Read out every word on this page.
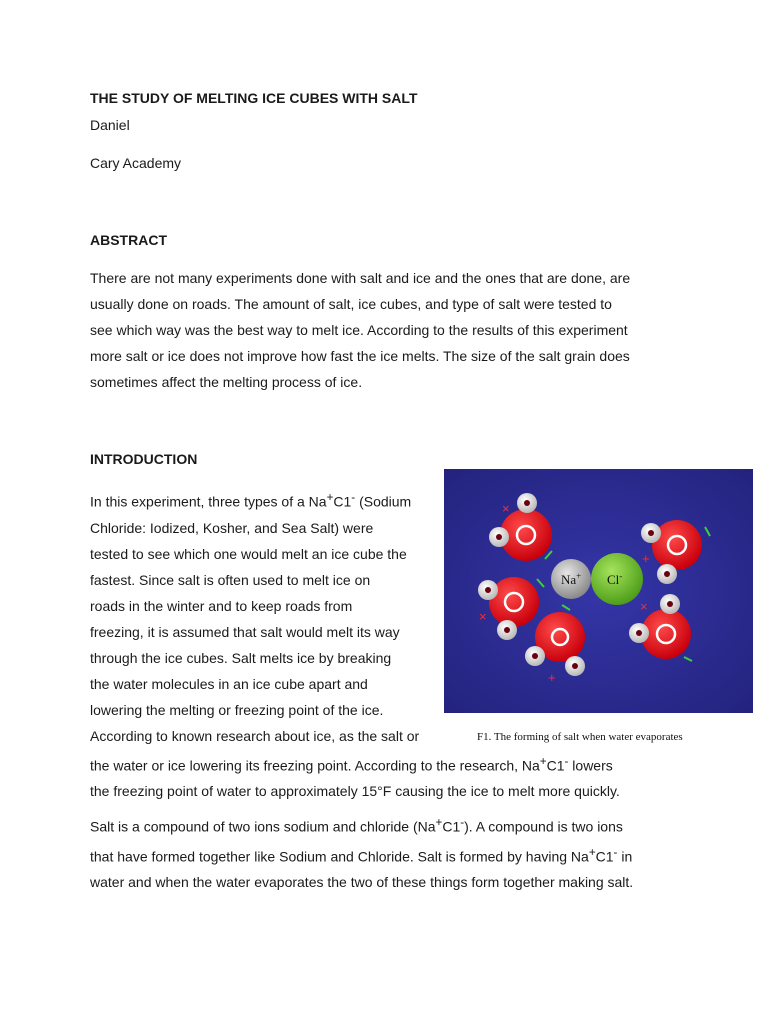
THE STUDY OF MELTING ICE CUBES WITH SALT
Daniel
Cary Academy
ABSTRACT
There are not many experiments done with salt and ice and the ones that are done, are
usually done on roads. The amount of salt, ice cubes, and type of salt were tested to
see which way was the best way to melt ice. According to the results of this experiment
more salt or ice does not improve how fast the ice melts. The size of the salt grain does
sometimes affect the melting process of ice.
INTRODUCTION
In this experiment, three types of a Na+C1- (Sodium
Chloride: Iodized, Kosher, and Sea Salt) were
tested to see which one would melt an ice cube the
fastest. Since salt is often used to melt ice on
roads in the winter and to keep roads from
freezing, it is assumed that salt would melt its way
through the ice cubes. Salt melts ice by breaking
the water molecules in an ice cube apart and
lowering the melting or freezing point of the ice.
According to known research about ice, as the salt or
the water or ice lowering its freezing point. According to the research, Na+C1- lowers
the freezing point of water to approximately 15°F causing the ice to melt more quickly.
Salt is a compound of two ions sodium and chloride (Na+C1-). A compound is two ions
that have formed together like Sodium and Chloride. Salt is formed by having Na+C1- in
water and when the water evaporates the two of these things form together making salt.
×
+
×
+
×
Na+ Cl-
F1. The forming of salt when water evaporates
